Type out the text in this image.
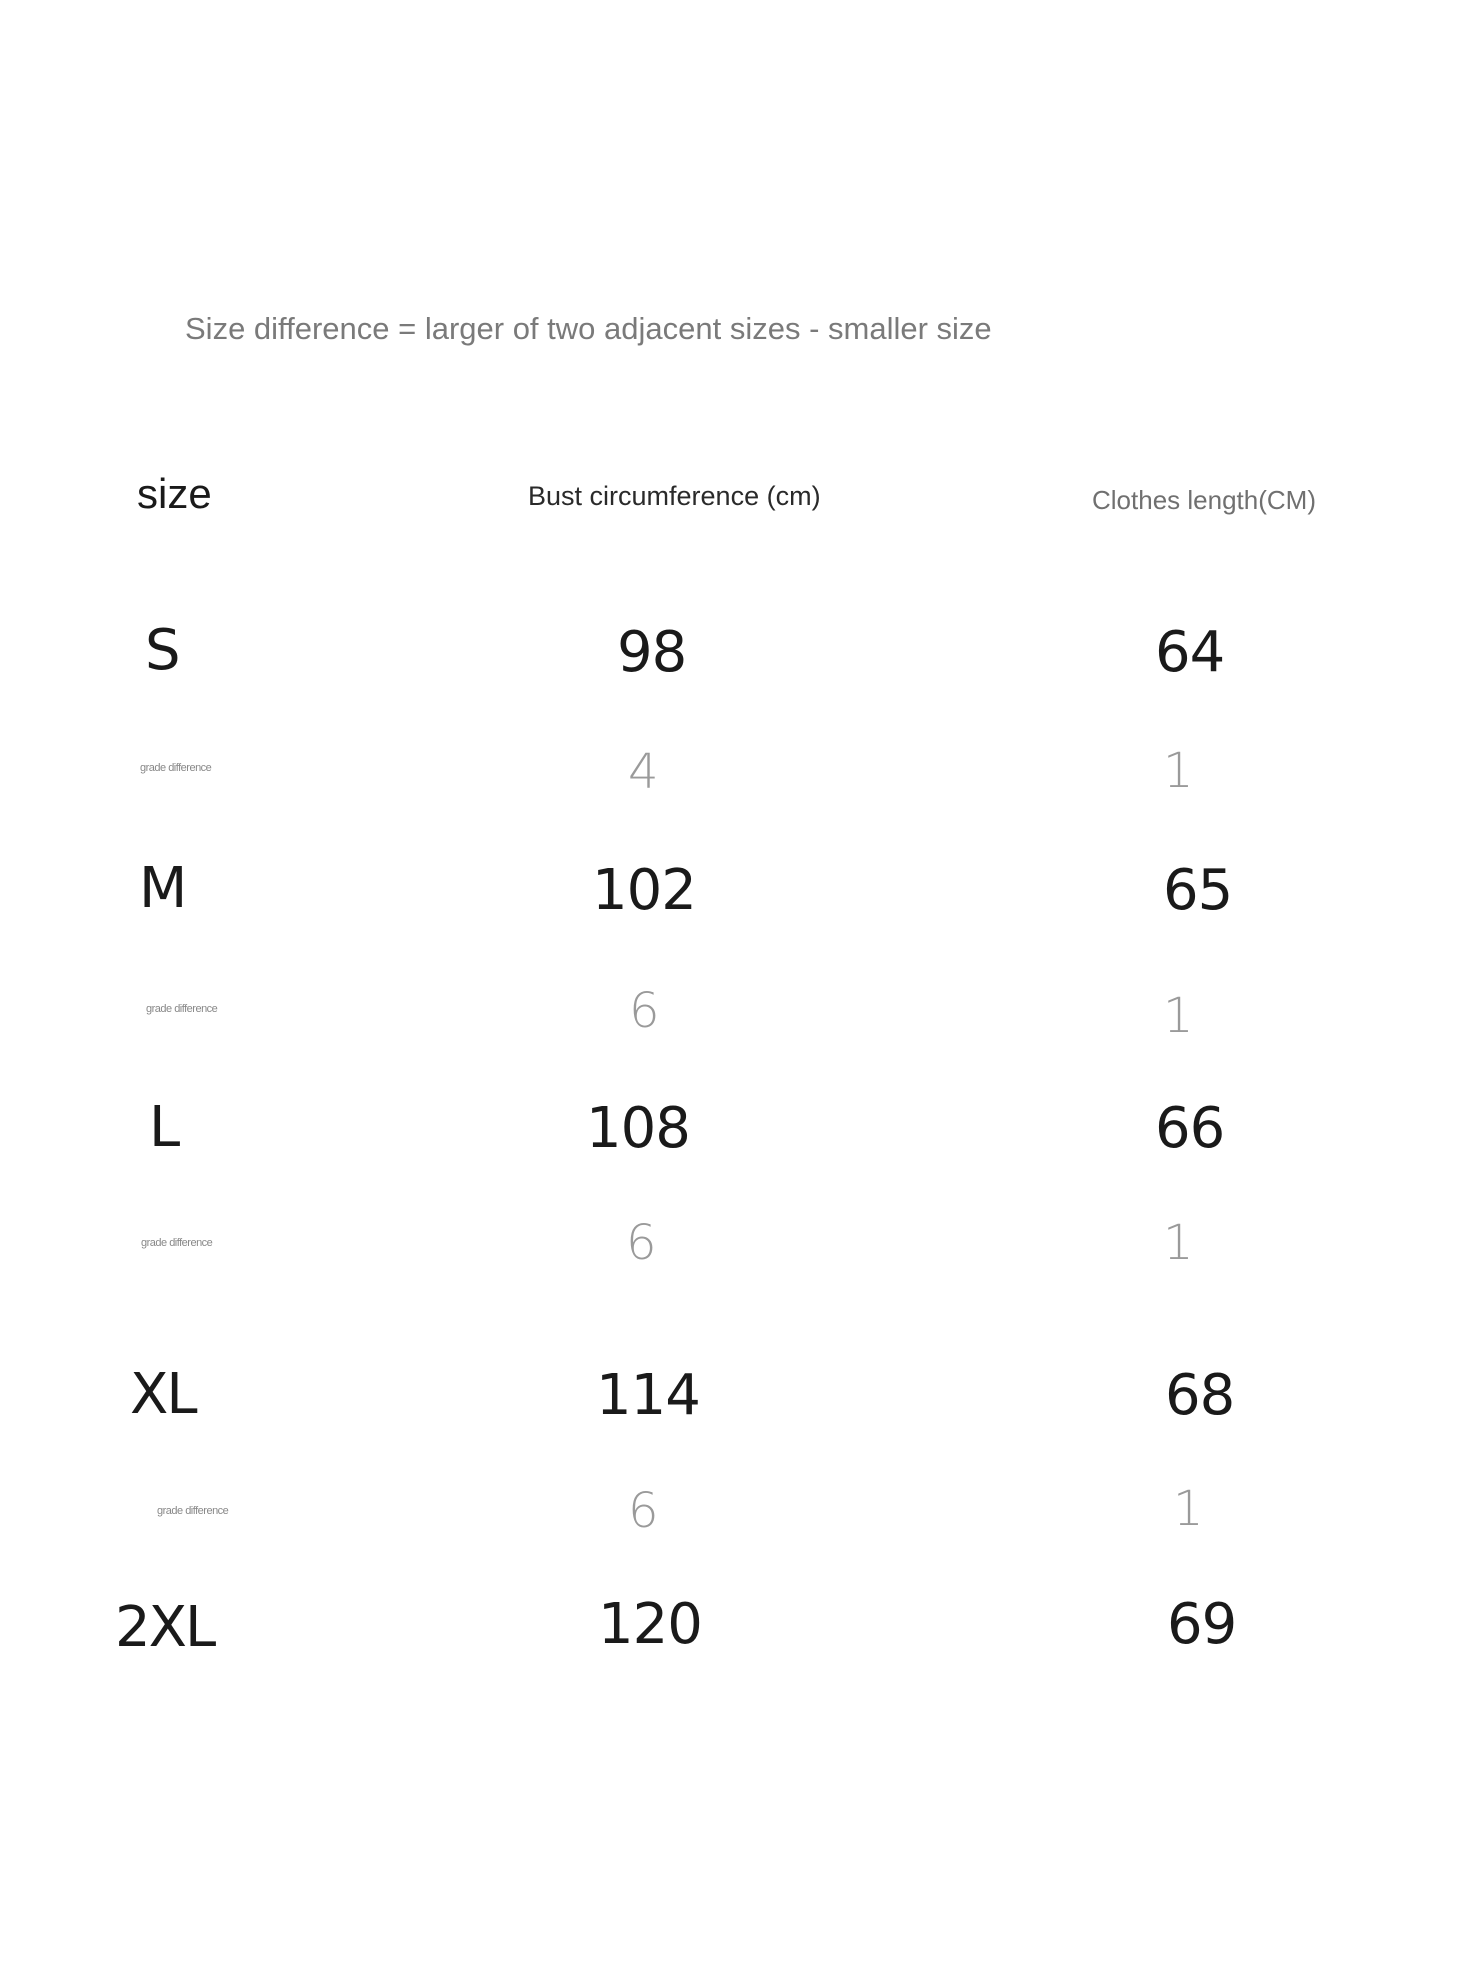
Size difference = larger of two adjacent sizes - smaller size
size	Bust circumference (cm)	Clothes length(CM)
S	98	64
grade difference	4	1
M	102	65
grade difference	6	1
L	108	66
grade difference	6	1
XL	114	68
grade difference	6	1
2XL	120	69
